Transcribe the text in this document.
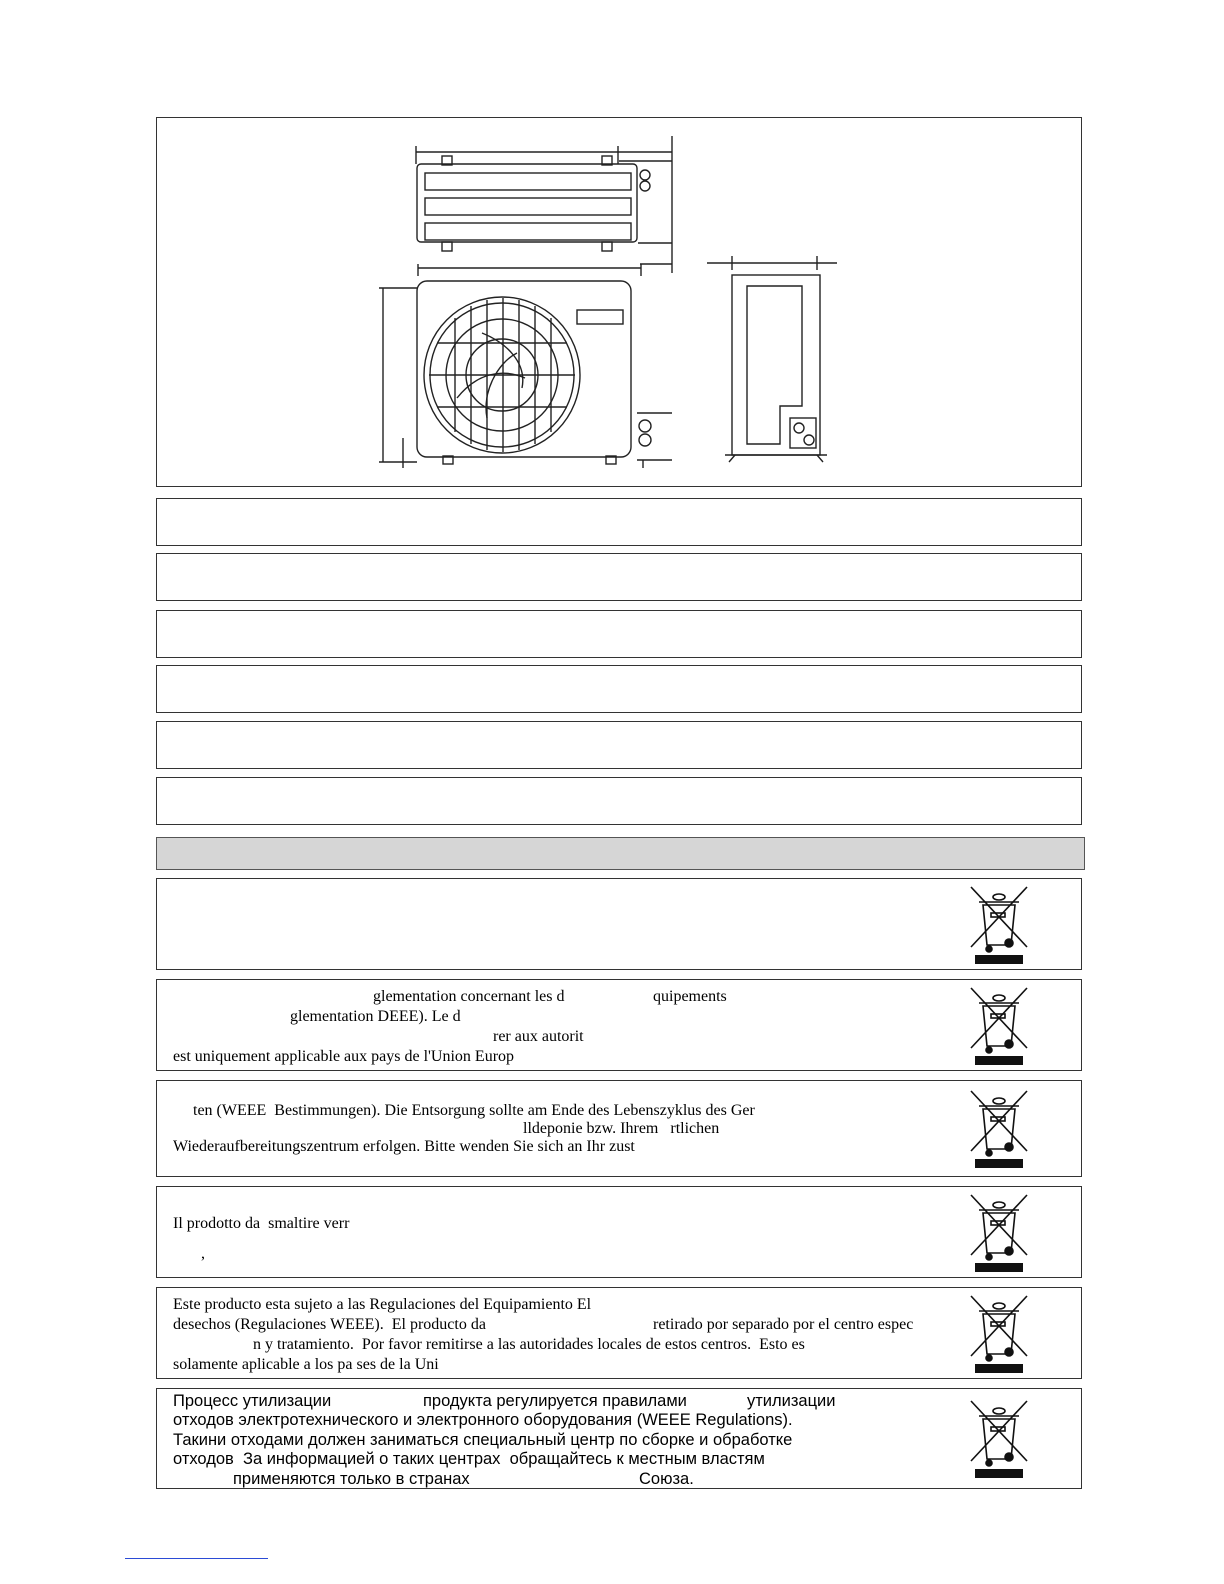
glementation concernant les d	quipements
glementation DEEE). Le d
rer aux autorit
est uniquement applicable aux pays de l'Union Europ
ten (WEEE  Bestimmungen). Die Entsorgung sollte am Ende des Lebenszyklus des Ger
lldeponie bzw. Ihrem   rtlichen
Wiederaufbereitungszentrum erfolgen. Bitte wenden Sie sich an Ihr zust
Il prodotto da  smaltire verr
,
Este producto esta sujeto a las Regulaciones del Equipamiento El
desechos (Regulaciones WEEE).  El producto da	retirado por separado por el centro espec
n y tratamiento.  Por favor remitirse a las autoridades locales de estos centros.  Esto es
solamente aplicable a los pa ses de la Uni
Процесс утилизации	продукта регулируется правилами	утилизации
отходов электротехнического и электронного оборудования (WEEE Regulations).
Такини отходами должен заниматься специальный центр по сборке и обработке
отходов  За информацией о таких центрах  обращайтесь к местным властям
применяются только в странах	Союза.
